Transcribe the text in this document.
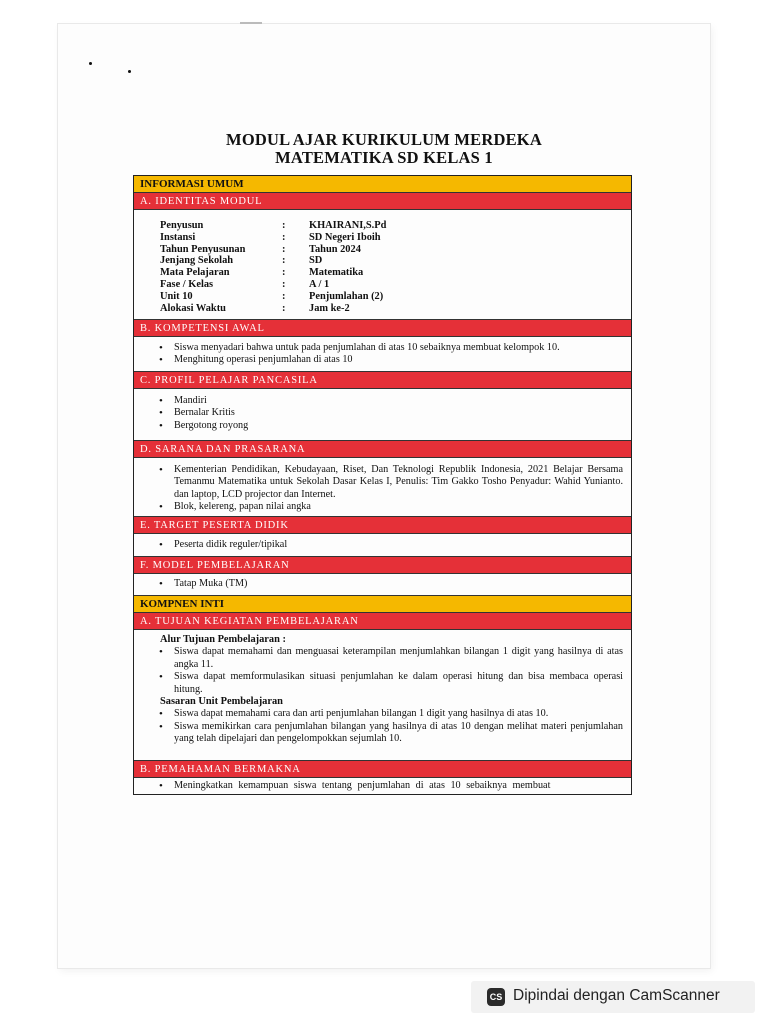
MODUL AJAR KURIKULUM MERDEKA
MATEMATIKA SD KELAS 1
INFORMASI UMUM
A. IDENTITAS MODUL
Penyusun	: KHAIRANI,S.Pd
Instansi	: SD Negeri Iboih
Tahun Penyusunan	: Tahun 2024
Jenjang Sekolah	: SD
Mata Pelajaran	: Matematika
Fase / Kelas	: A / 1
Unit 10	: Penjumlahan (2)
Alokasi Waktu	: Jam ke-2
B. KOMPETENSI AWAL
• Siswa menyadari bahwa untuk pada penjumlahan di atas 10 sebaiknya membuat kelompok 10.
• Menghitung operasi penjumlahan di atas 10
C. PROFIL PELAJAR PANCASILA
• Mandiri
• Bernalar Kritis
• Bergotong royong
D. SARANA DAN PRASARANA
• Kementerian Pendidikan, Kebudayaan, Riset, Dan Teknologi Republik Indonesia, 2021 Belajar Bersama Temanmu Matematika untuk Sekolah Dasar Kelas I, Penulis: Tim Gakko Tosho Penyadur: Wahid Yunianto. dan laptop, LCD projector dan Internet.
• Blok, kelereng, papan nilai angka
E. TARGET PESERTA DIDIK
• Peserta didik reguler/tipikal
F. MODEL PEMBELAJARAN
• Tatap Muka (TM)
KOMPNEN INTI
A. TUJUAN KEGIATAN PEMBELAJARAN
Alur Tujuan Pembelajaran :
• Siswa dapat memahami dan menguasai keterampilan menjumlahkan bilangan 1 digit yang hasilnya di atas angka 11.
• Siswa dapat memformulasikan situasi penjumlahan ke dalam operasi hitung dan bisa membaca operasi hitung.
Sasaran Unit Pembelajaran
• Siswa dapat memahami cara dan arti penjumlahan bilangan 1 digit yang hasilnya di atas 10.
• Siswa memikirkan cara penjumlahan bilangan yang hasilnya di atas 10 dengan melihat materi penjumlahan yang telah dipelajari dan pengelompokkan sejumlah 10.
B. PEMAHAMAN BERMAKNA
• Meningkatkan kemampuan siswa tentang penjumlahan di atas 10 sebaiknya membuat
CS Dipindai dengan CamScanner
